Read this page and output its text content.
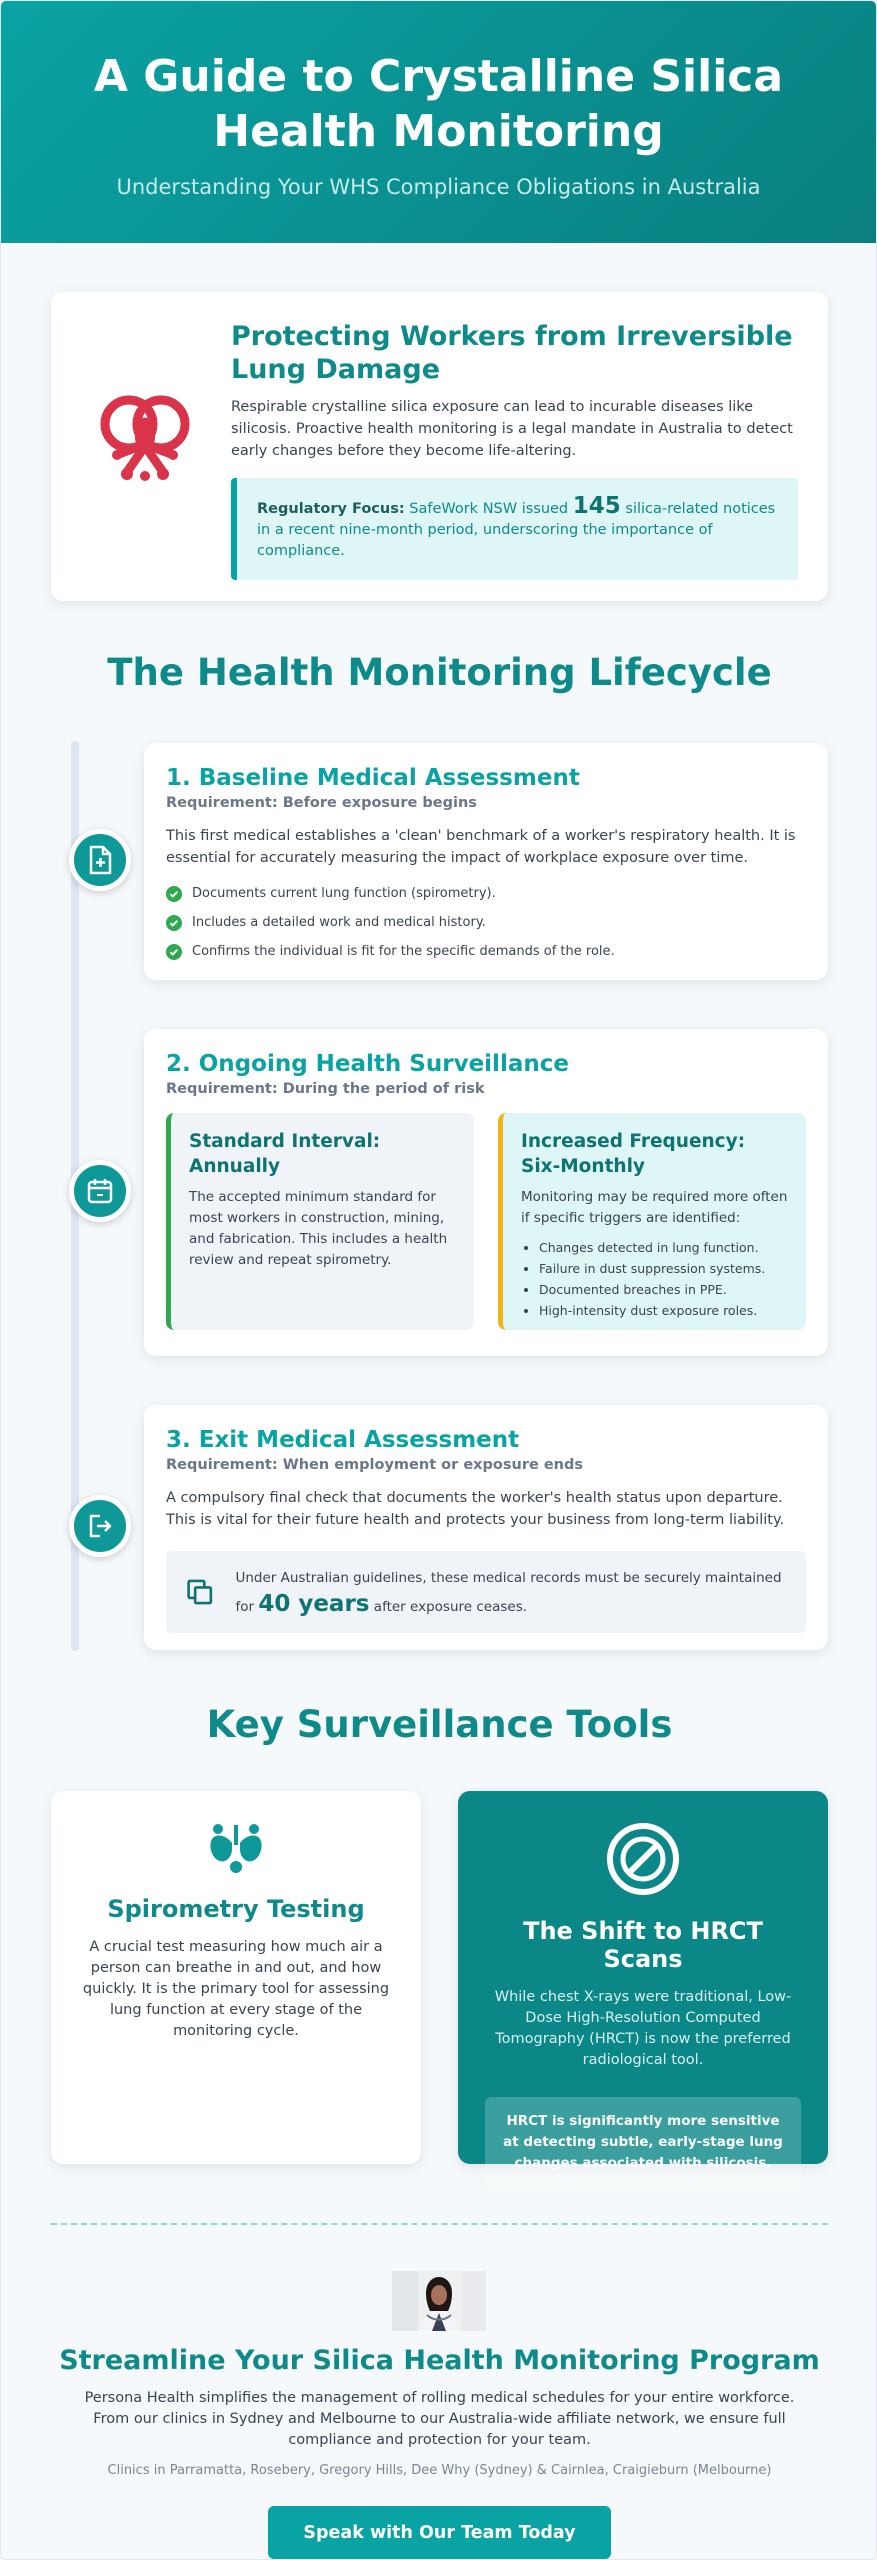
A Guide to Crystalline Silica Health Monitoring

Understanding Your WHS Compliance Obligations in Australia

Protecting Workers from Irreversible Lung Damage

Respirable crystalline silica exposure can lead to incurable diseases like silicosis. Proactive health monitoring is a legal mandate in Australia to detect early changes before they become life-altering.

Regulatory Focus: SafeWork NSW issued 145 silica-related notices in a recent nine-month period, underscoring the importance of compliance.
The Health Monitoring Lifecycle
1. Baseline Medical Assessment
Requirement: Before exposure begins

This first medical establishes a 'clean' benchmark of a worker's respiratory health. It is essential for accurately measuring the impact of workplace exposure over time.

Documents current lung function (spirometry).
Includes a detailed work and medical history.
Confirms the individual is fit for the specific demands of the role.
2. Ongoing Health Surveillance
Requirement: During the period of risk
Standard Interval: Annually

The accepted minimum standard for most workers in construction, mining, and fabrication. This includes a health review and repeat spirometry.

Increased Frequency: Six-Monthly

Monitoring may be required more often if specific triggers are identified:

• Changes detected in lung function.
• Failure in dust suppression systems.
• Documented breaches in PPE.
• High-intensity dust exposure roles.
3. Exit Medical Assessment
Requirement: When employment or exposure ends

A compulsory final check that documents the worker's health status upon departure. This is vital for their future health and protects your business from long-term liability.

Under Australian guidelines, these medical records must be securely maintained for 40 years after exposure ceases.
Key Surveillance Tools
Spirometry Testing

A crucial test measuring how much air a person can breathe in and out, and how quickly. It is the primary tool for assessing lung function at every stage of the monitoring cycle.

The Shift to HRCT Scans

While chest X-rays were traditional, Low-Dose High-Resolution Computed Tomography (HRCT) is now the preferred radiological tool.

HRCT is significantly more sensitive at detecting subtle, early-stage lung changes associated with silicosis.
Streamline Your Silica Health Monitoring Program

Persona Health simplifies the management of rolling medical schedules for your entire workforce. From our clinics in Sydney and Melbourne to our Australia-wide affiliate network, we ensure full compliance and protection for your team.

Clinics in Parramatta, Rosebery, Gregory Hills, Dee Why (Sydney) & Cairnlea, Craigieburn (Melbourne)

Speak with Our Team Today
